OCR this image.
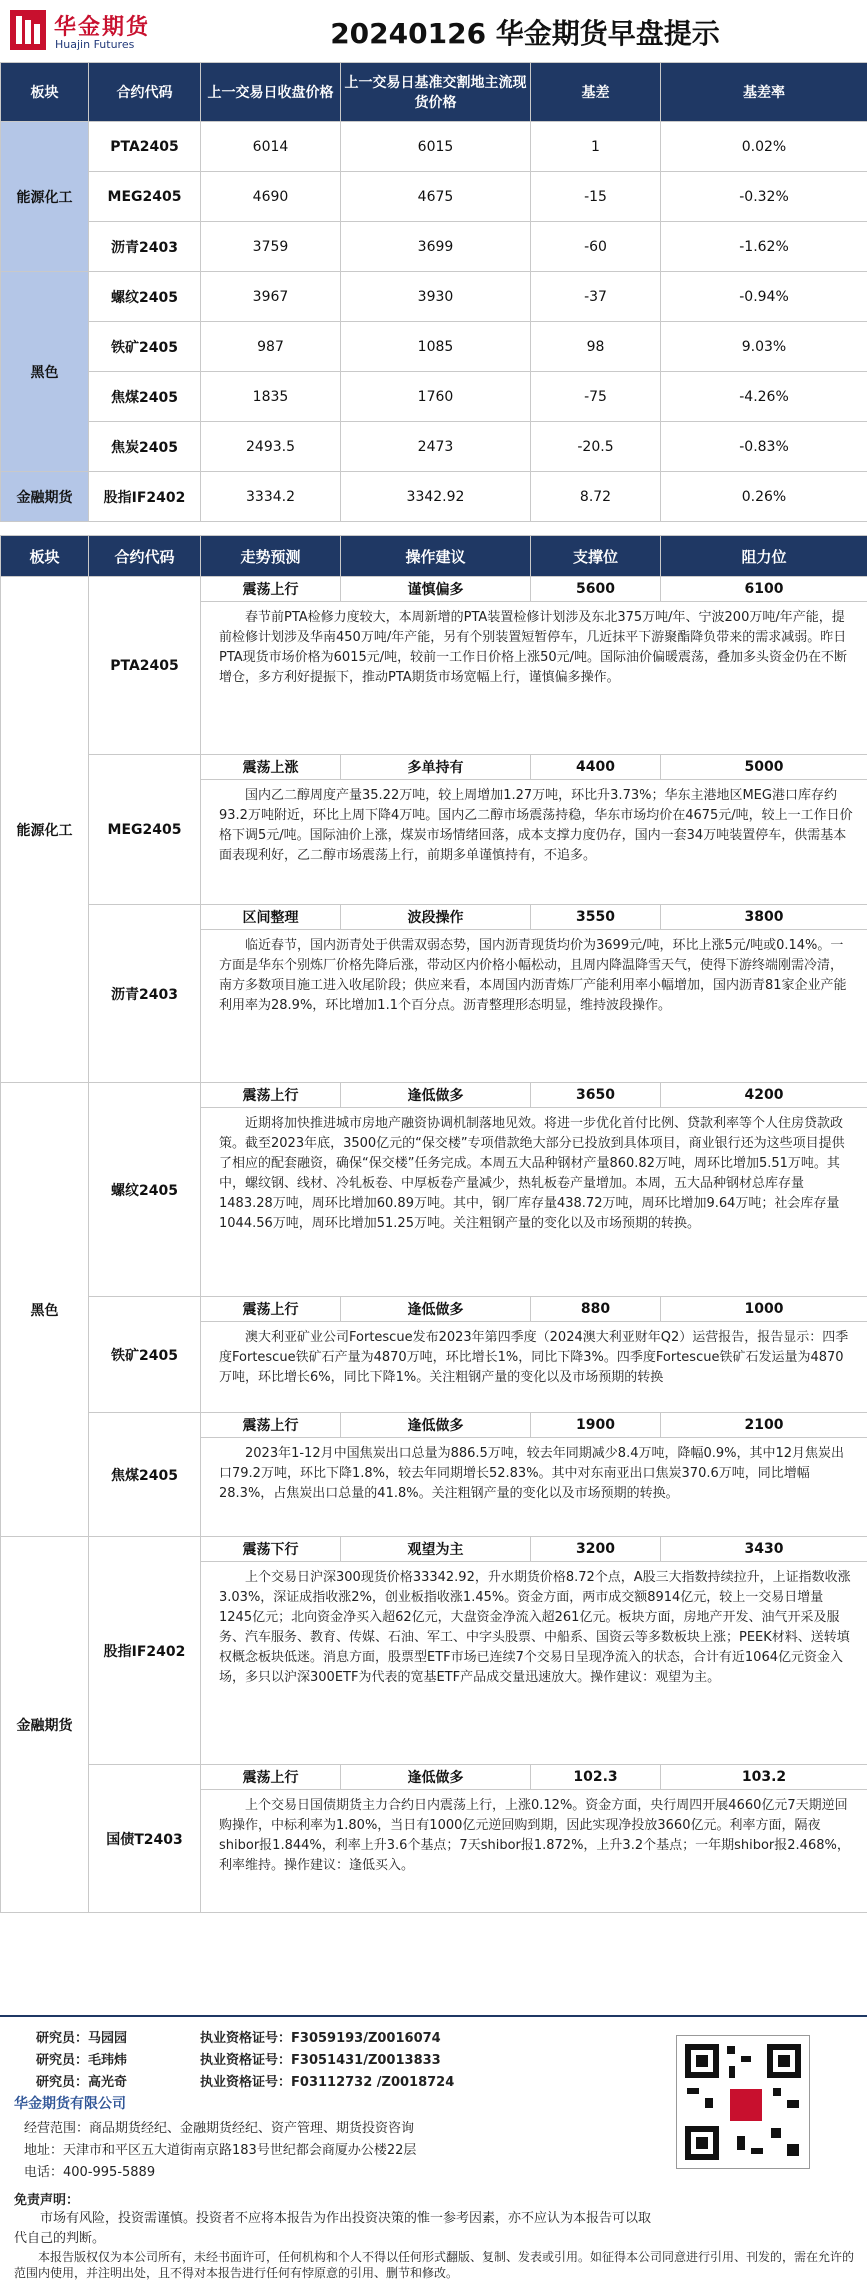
华金期货
Huajin Futures	20240126 华金期货早盘提示
板块	合约代码	上一交易日收盘价格	上一交易日基准交割地主流现货价格	基差	基差率
能源化工	PTA2405	6014	6015	1	0.02%
	MEG2405	4690	4675	-15	-0.32%
	沥青2403	3759	3699	-60	-1.62%
黑色	螺纹2405	3967	3930	-37	-0.94%
	铁矿2405	987	1085	98	9.03%
	焦煤2405	1835	1760	-75	-4.26%
	焦炭2405	2493.5	2473	-20.5	-0.83%
金融期货	股指IF2402	3334.2	3342.92	8.72	0.26%
板块	合约代码	走势预测	操作建议	支撑位	阻力位
能源化工	PTA2405	震荡上行	谨慎偏多	5600	6100

		春节前PTA检修力度较大，本周新增的PTA装置检修计划涉及东北375万吨/年、宁波200万吨/年产能，提前检修计划涉及华南450万吨/年产能，另有个别装置短暂停车，几近抹平下游聚酯降负带来的需求减弱。昨日PTA现货市场价格为6015元/吨，较前一工作日价格上涨50元/吨。国际油价偏暖震荡，叠加多头资金仍在不断增仓，多方利好提振下，推动PTA期货市场宽幅上行，谨慎偏多操作。			

	MEG2405	震荡上涨	多单持有	4400	5000

		国内乙二醇周度产量35.22万吨，较上周增加1.27万吨，环比升3.73%；华东主港地区MEG港口库存约93.2万吨附近，环比上周下降4万吨。国内乙二醇市场震荡持稳，华东市场均价在4675元/吨，较上一工作日价格下调5元/吨。国际油价上涨，煤炭市场情绪回落，成本支撑力度仍存，国内一套34万吨装置停车，供需基本面表现利好，乙二醇市场震荡上行，前期多单谨慎持有，不追多。			

	沥青2403	区间整理	波段操作	3550	3800

		临近春节，国内沥青处于供需双弱态势，国内沥青现货均价为3699元/吨，环比上涨5元/吨或0.14%。一方面是华东个别炼厂价格先降后涨，带动区内价格小幅松动，且周内降温降雪天气，使得下游终端刚需冷清，南方多数项目施工进入收尾阶段；供应来看，本周国内沥青炼厂产能利用率小幅增加，国内沥青81家企业产能利用率为28.9%，环比增加1.1个百分点。沥青整理形态明显，维持波段操作。			

黑色	螺纹2405	震荡上行	逢低做多	3650	4200

		近期将加快推进城市房地产融资协调机制落地见效。将进一步优化首付比例、贷款利率等个人住房贷款政策。截至2023年底，3500亿元的“保交楼”专项借款绝大部分已投放到具体项目，商业银行还为这些项目提供了相应的配套融资，确保“保交楼”任务完成。本周五大品种钢材产量860.82万吨，周环比增加5.51万吨。其中，螺纹钢、线材、冷轧板卷、中厚板卷产量减少，热轧板卷产量增加。本周，五大品种钢材总库存量1483.28万吨，周环比增加60.89万吨。其中，钢厂库存量438.72万吨，周环比增加9.64万吨；社会库存量1044.56万吨，周环比增加51.25万吨。关注粗钢产量的变化以及市场预期的转换。			

	铁矿2405	震荡上行	逢低做多	880	1000

		澳大利亚矿业公司Fortescue发布2023年第四季度（2024澳大利亚财年Q2）运营报告，报告显示：四季度Fortescue铁矿石产量为4870万吨，环比增长1%，同比下降3%。四季度Fortescue铁矿石发运量为4870万吨，环比增长6%，同比下降1%。关注粗钢产量的变化以及市场预期的转换			

	焦煤2405	震荡上行	逢低做多	1900	2100

		2023年1-12月中国焦炭出口总量为886.5万吨，较去年同期减少8.4万吨，降幅0.9%，其中12月焦炭出口79.2万吨，环比下降1.8%，较去年同期增长52.83%。其中对东南亚出口焦炭370.6万吨，同比增幅28.3%，占焦炭出口总量的41.8%。关注粗钢产量的变化以及市场预期的转换。			

金融期货	股指IF2402	震荡下行	观望为主	3200	3430

		上个交易日沪深300现货价格33342.92，升水期货价格8.72个点，A股三大指数持续拉升，上证指数收涨3.03%，深证成指收涨2%，创业板指收涨1.45%。资金方面，两市成交额8914亿元，较上一交易日增量1245亿元；北向资金净买入超62亿元，大盘资金净流入超261亿元。板块方面，房地产开发、油气开采及服务、汽车服务、教育、传媒、石油、军工、中字头股票、中船系、国资云等多数板块上涨；PEEK材料、送转填权概念板块低迷。消息方面，股票型ETF市场已连续7个交易日呈现净流入的状态，合计有近1064亿元资金入场，多只以沪深300ETF为代表的宽基ETF产品成交量迅速放大。操作建议：观望为主。			

	国债T2403	震荡上行	逢低做多	102.3	103.2

		上个交易日国债期货主力合约日内震荡上行，上涨0.12%。资金方面，央行周四开展4660亿元7天期逆回购操作，中标利率为1.80%，当日有1000亿元逆回购到期，因此实现净投放3660亿元。利率方面，隔夜shibor报1.844%，利率上升3.6个基点；7天shibor报1.872%，上升3.2个基点；一年期shibor报2.468%，利率维持。操作建议：逢低买入。			
研究员：马园园	执业资格证号：F3059193/Z0016074
研究员：毛玮炜	执业资格证号：F3051431/Z0013833
研究员：高光奇	执业资格证号：F03112732 /Z0018724
华金期货有限公司
经营范围：商品期货经纪、金融期货经纪、资产管理、期货投资咨询
地址：天津市和平区五大道街南京路183号世纪都会商厦办公楼22层
电话：400-995-5889
免责声明：
市场有风险，投资需谨慎。投资者不应将本报告为作出投资决策的惟一参考因素，亦不应认为本报告可以取代自己的判断。
本报告版权仅为本公司所有，未经书面许可，任何机构和个人不得以任何形式翻版、复制、发表或引用。如征得本公司同意进行引用、刊发的，需在允许的范围内使用，并注明出处，且不得对本报告进行任何有悖原意的引用、删节和修改。
